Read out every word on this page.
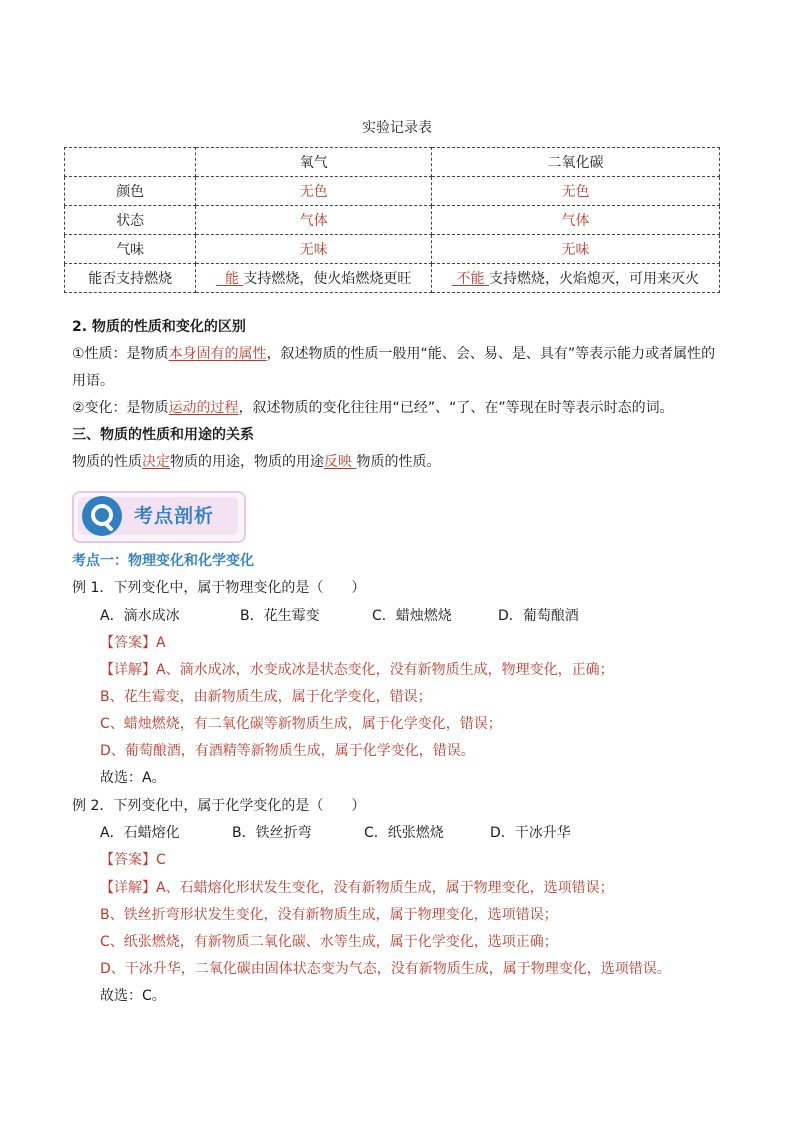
实验记录表
	氧气	二氧化碳
颜色	无色	无色
状态	气体	气体
气味	无味	无味
能否支持燃烧	能 支持燃烧，使火焰燃烧更旺	不能 支持燃烧，火焰熄灭，可用来灭火
2. 物质的性质和变化的区别
①性质：是物质本身固有的属性，叙述物质的性质一般用“能、会、易、是、具有”等表示能力或者属性的
用语。
②变化：是物质运动的过程，叙述物质的变化往往用“已经”、“了、在”等现在时等表示时态的词。
三、物质的性质和用途的关系
物质的性质决定物质的用途，物质的用途反映 物质的性质。
考点剖析
考点一：物理变化和化学变化
例 1．下列变化中，属于物理变化的是（　　）
A．滴水成冰	B．花生霉变	C．蜡烛燃烧	D．葡萄酿酒
【答案】A
【详解】A、滴水成冰，水变成冰是状态变化，没有新物质生成，物理变化，正确；
B、花生霉变，由新物质生成，属于化学变化，错误；
C、蜡烛燃烧，有二氧化碳等新物质生成，属于化学变化，错误；
D、葡萄酿酒，有酒精等新物质生成，属于化学变化，错误。
故选：A。
例 2．下列变化中，属于化学变化的是（　　）
A．石蜡熔化	B．铁丝折弯	C．纸张燃烧	D．干冰升华
【答案】C
【详解】A、石蜡熔化形状发生变化，没有新物质生成，属于物理变化，选项错误；
B、铁丝折弯形状发生变化，没有新物质生成，属于物理变化，选项错误；
C、纸张燃烧，有新物质二氧化碳、水等生成，属于化学变化，选项正确；
D、干冰升华，二氧化碳由固体状态变为气态，没有新物质生成，属于物理变化，选项错误。
故选：C。
